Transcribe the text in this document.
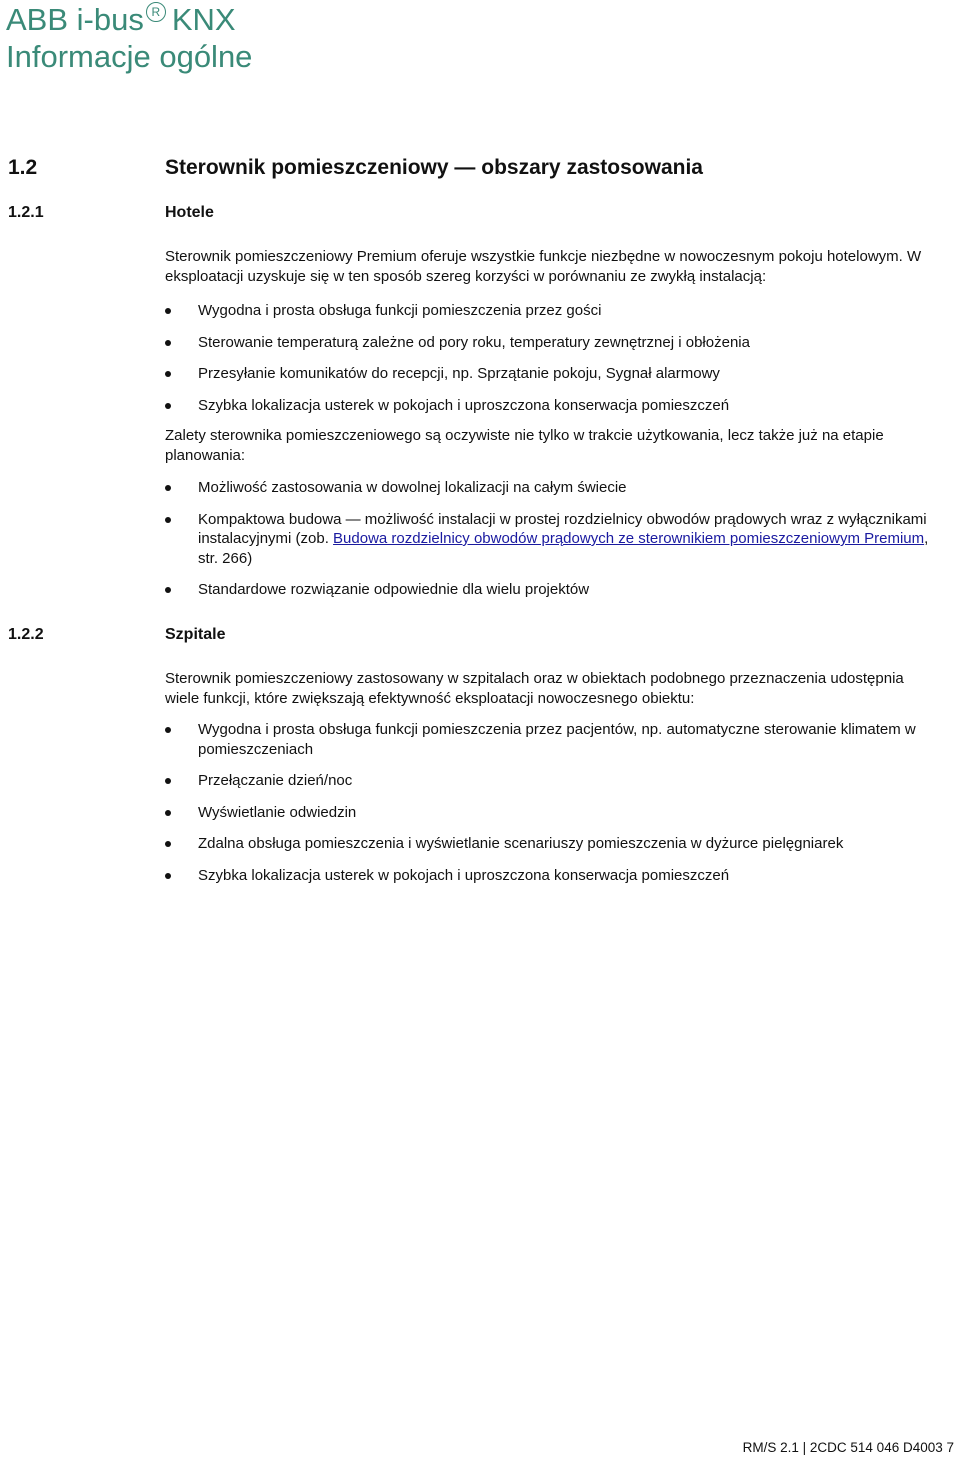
ABB i-bus R KNX
Informacje ogólne
1.2	Sterownik pomieszczeniowy — obszary zastosowania
1.2.1	Hotele

Sterownik pomieszczeniowy Premium oferuje wszystkie funkcje niezbędne w nowoczesnym pokoju hotelowym. W eksploatacji uzyskuje się w ten sposób szereg korzyści w porównaniu ze zwykłą instalacją:

Wygodna i prosta obsługa funkcji pomieszczenia przez gości
Sterowanie temperaturą zależne od pory roku, temperatury zewnętrznej i obłożenia
Przesyłanie komunikatów do recepcji, np. Sprzątanie pokoju, Sygnał alarmowy
Szybka lokalizacja usterek w pokojach i uproszczona konserwacja pomieszczeń

Zalety sterownika pomieszczeniowego są oczywiste nie tylko w trakcie użytkowania, lecz także już na etapie planowania:

Możliwość zastosowania w dowolnej lokalizacji na całym świecie
Kompaktowa budowa — możliwość instalacji w prostej rozdzielnicy obwodów prądowych wraz z wyłącznikami instalacyjnymi (zob. Budowa rozdzielnicy obwodów prądowych ze sterownikiem pomieszczeniowym Premium, str. 266)
Standardowe rozwiązanie odpowiednie dla wielu projektów
1.2.2	Szpitale

Sterownik pomieszczeniowy zastosowany w szpitalach oraz w obiektach podobnego przeznaczenia udostępnia wiele funkcji, które zwiększają efektywność eksploatacji nowoczesnego obiektu:

Wygodna i prosta obsługa funkcji pomieszczenia przez pacjentów, np. automatyczne sterowanie klimatem w pomieszczeniach
Przełączanie dzień/noc
Wyświetlanie odwiedzin
Zdalna obsługa pomieszczenia i wyświetlanie scenariuszy pomieszczenia w dyżurce pielęgniarek
Szybka lokalizacja usterek w pokojach i uproszczona konserwacja pomieszczeń
RM/S 2.1 | 2CDC 514 046 D4003 7
